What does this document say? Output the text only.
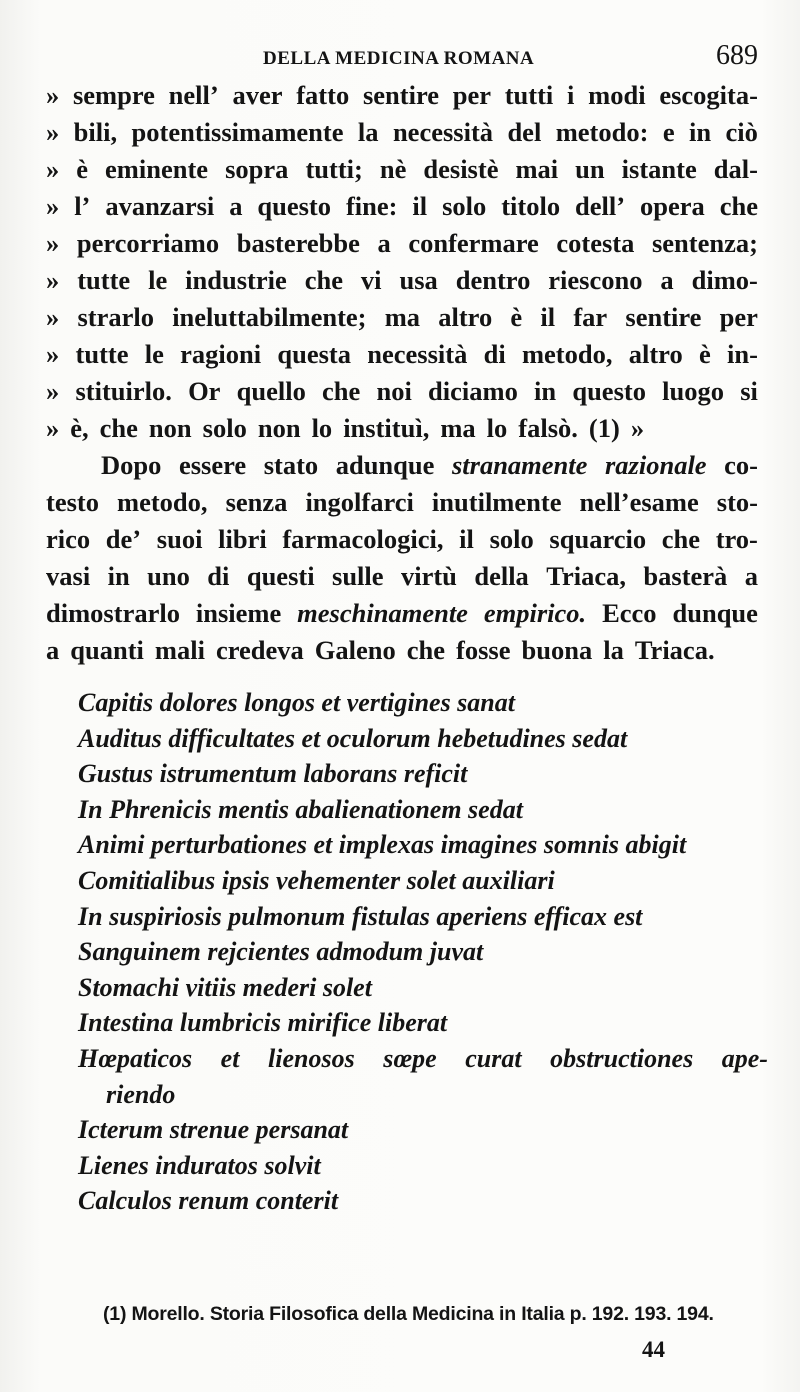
DELLA MEDICINA ROMANA	689
» sempre nell’ aver fatto sentire per tutti i modi escogita-
» bili, potentissimamente la necessità del metodo: e in ciò
» è eminente sopra tutti; nè desistè mai un istante dal-
» l’ avanzarsi a questo fine: il solo titolo dell’ opera che
» percorriamo basterebbe a confermare cotesta sentenza;
» tutte le industrie che vi usa dentro riescono a dimo-
» strarlo ineluttabilmente; ma altro è il far sentire per
» tutte le ragioni questa necessità di metodo, altro è in-
» stituirlo. Or quello che noi diciamo in questo luogo si
» è, che non solo non lo instituì, ma lo falsò. (1) »
Dopo essere stato adunque stranamente razionale co-
testo metodo, senza ingolfarci inutilmente nell’esame sto-
rico de’ suoi libri farmacologici, il solo squarcio che tro-
vasi in uno di questi sulle virtù della Triaca, basterà a
dimostrarlo insieme meschinamente empirico. Ecco dunque
a quanti mali credeva Galeno che fosse buona la Triaca.
Capitis dolores longos et vertigines sanat
Auditus difficultates et oculorum hebetudines sedat
Gustus istrumentum laborans reficit
In Phrenicis mentis abalienationem sedat
Animi perturbationes et implexas imagines somnis abigit
Comitialibus ipsis vehementer solet auxiliari
In suspiriosis pulmonum fistulas aperiens efficax est
Sanguinem rejcientes admodum juvat
Stomachi vitiis mederi solet
Intestina lumbricis mirifice liberat
Hœpaticos et lienosos sœpe curat obstructiones ape-
riendo
Icterum strenue persanat
Lienes induratos solvit
Calculos renum conterit
(1) Morello. Storia Filosofica della Medicina in Italia p. 192. 193. 194.
44
